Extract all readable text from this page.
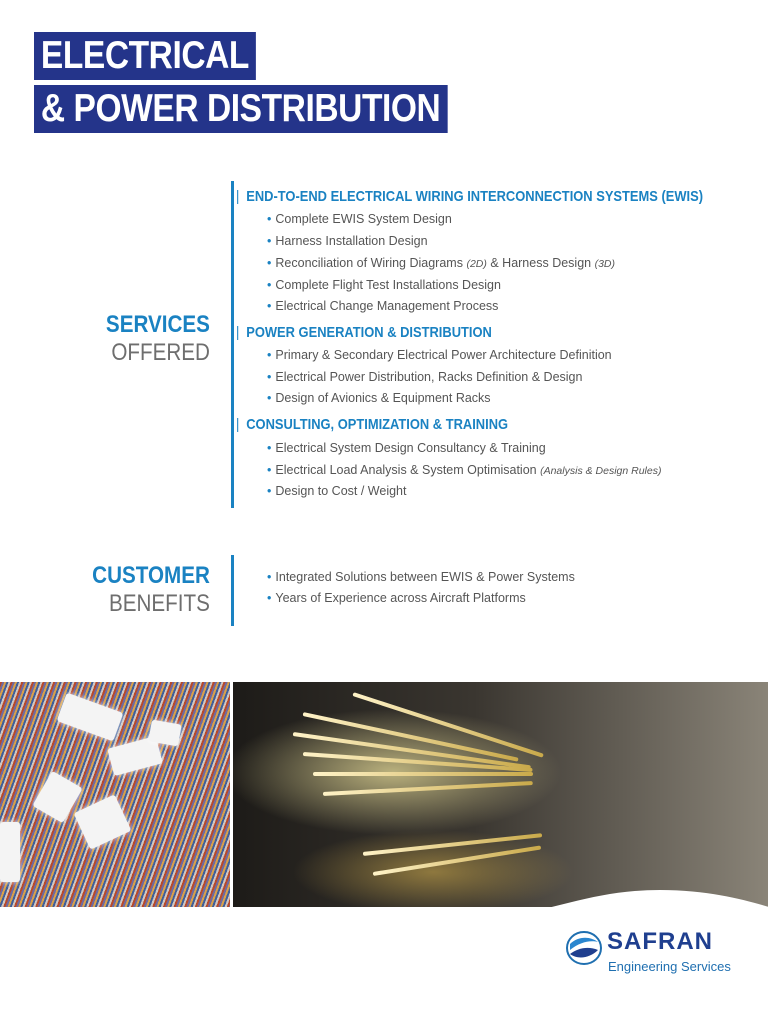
ELECTRICAL
& POWER DISTRIBUTION
SERVICES
OFFERED
| END-TO-END ELECTRICAL WIRING INTERCONNECTION SYSTEMS (EWIS)
• Complete EWIS System Design
• Harness Installation Design
• Reconciliation of Wiring Diagrams (2D) & Harness Design (3D)
• Complete Flight Test Installations Design
• Electrical Change Management Process
| POWER GENERATION & DISTRIBUTION
• Primary & Secondary Electrical Power Architecture Definition
• Electrical Power Distribution, Racks Definition & Design
• Design of Avionics & Equipment Racks
| CONSULTING, OPTIMIZATION & TRAINING
• Electrical System Design Consultancy & Training
• Electrical Load Analysis & System Optimisation (Analysis & Design Rules)
• Design to Cost / Weight
CUSTOMER
BENEFITS
• Integrated Solutions between EWIS & Power Systems
• Years of Experience across Aircraft Platforms
SAFRAN
Engineering Services
